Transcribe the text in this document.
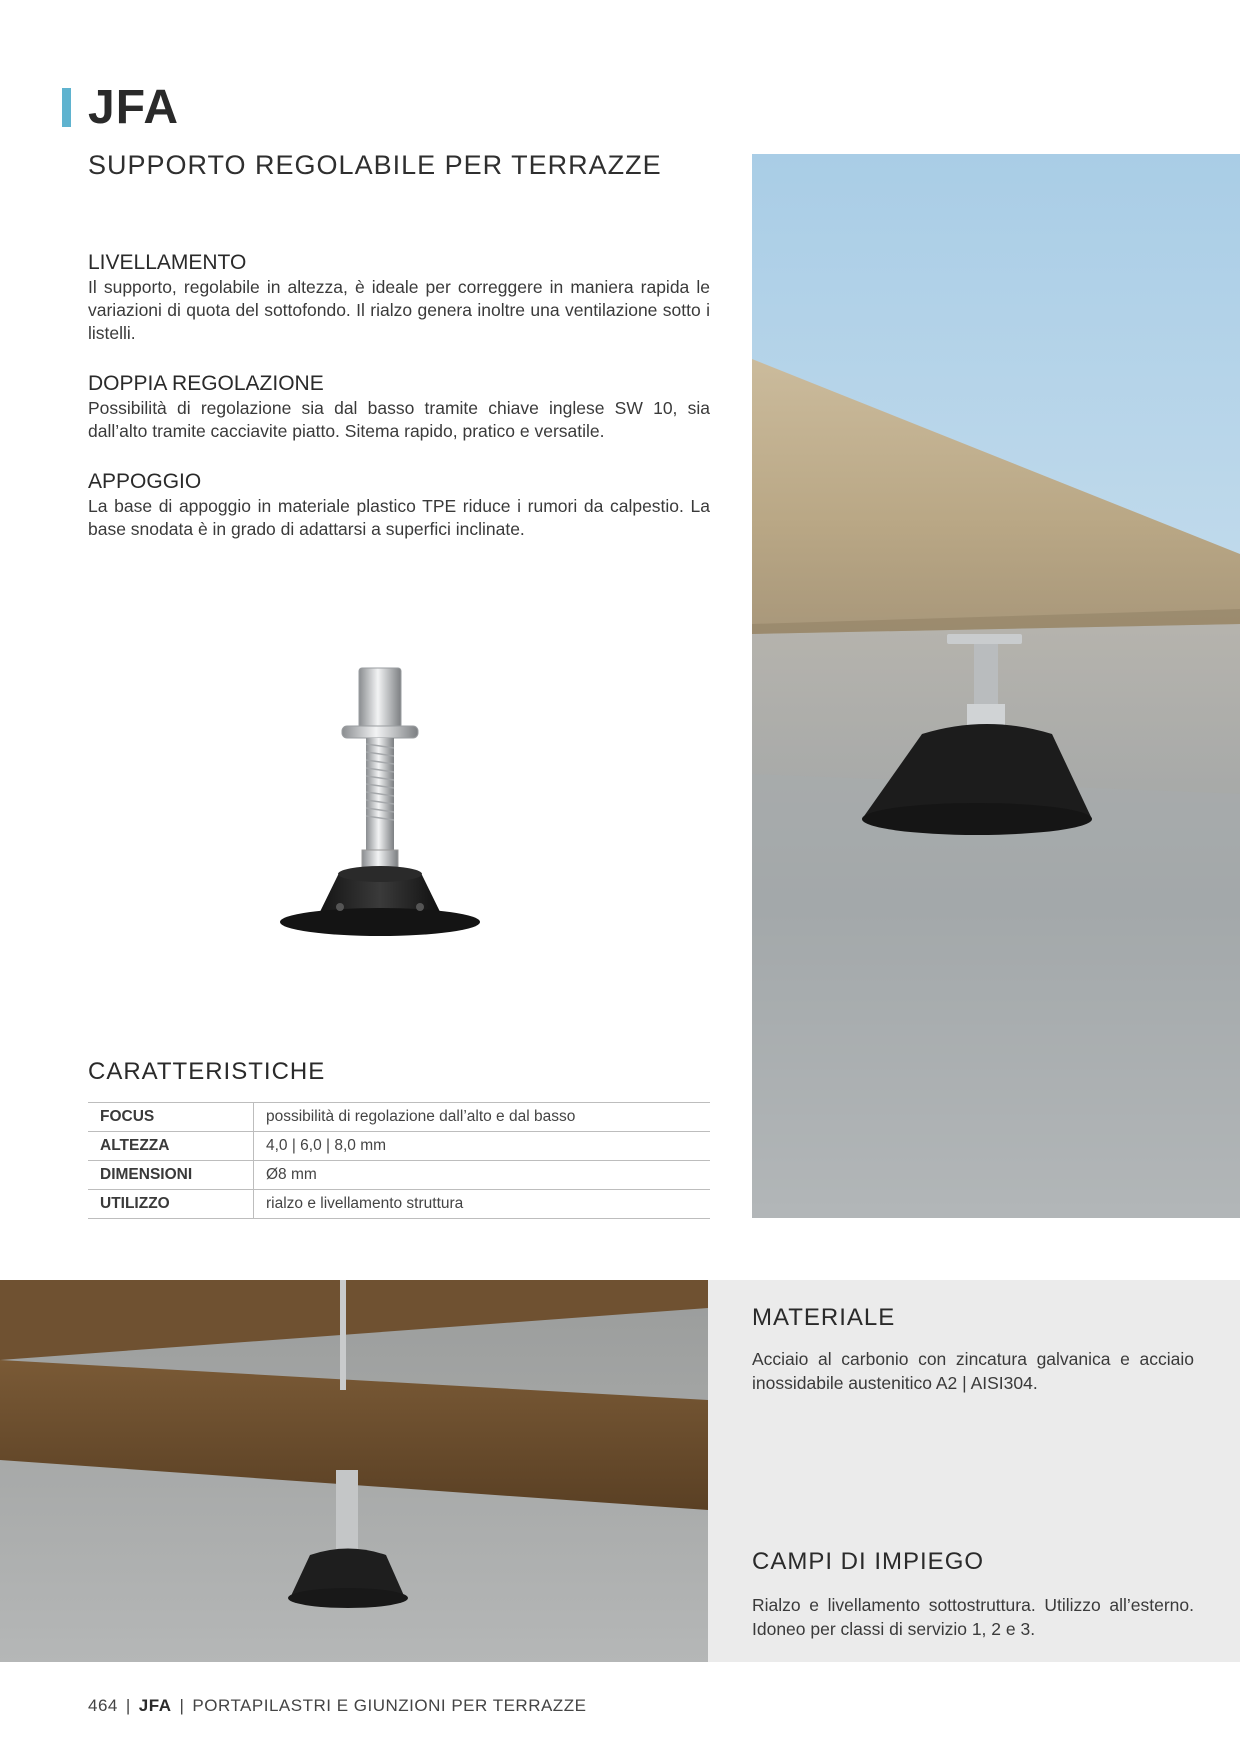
JFA
SUPPORTO REGOLABILE PER TERRAZZE
LIVELLAMENTO

Il supporto, regolabile in altezza, è ideale per correggere in maniera rapida le variazioni di quota del sottofondo. Il rialzo genera inoltre una ventilazione sotto i listelli.

DOPPIA REGOLAZIONE

Possibilità di regolazione sia dal basso tramite chiave inglese SW 10, sia dall’alto tramite cacciavite piatto. Sitema rapido, pratico e versatile.

APPOGGIO

La base di appoggio in materiale plastico TPE riduce i rumori da calpestio. La base snodata è in grado di adattarsi a superfici inclinate.

CARATTERISTICHE
FOCUS	possibilità di regolazione dall’alto e dal basso
ALTEZZA	4,0 | 6,0 | 8,0 mm
DIMENSIONI	Ø8 mm
UTILIZZO	rialzo e livellamento struttura
MATERIALE

Acciaio al carbonio con zincatura galvanica e acciaio inossidabile austenitico A2 | AISI304.

CAMPI DI IMPIEGO

Rialzo e livellamento sottostruttura. Utilizzo all’esterno. Idoneo per classi di servizio 1, 2 e 3.

464 | JFA | PORTAPILASTRI E GIUNZIONI PER TERRAZZE
